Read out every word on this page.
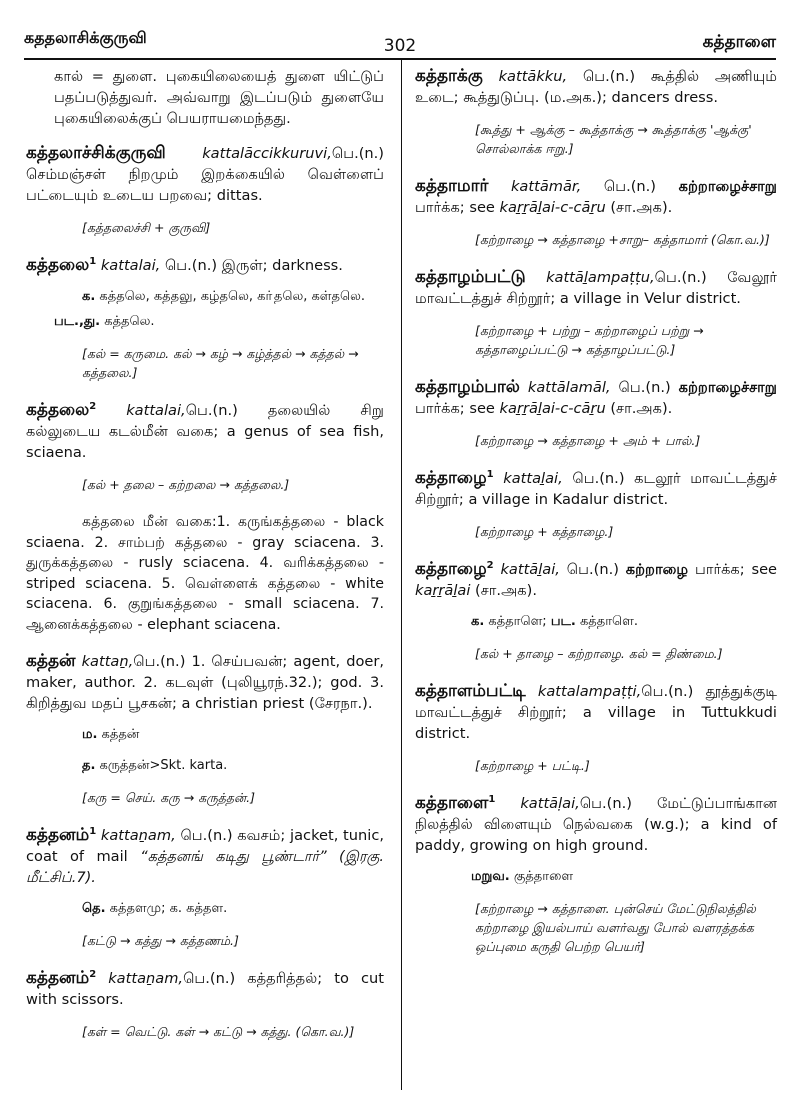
கததலாசிக்குருவி	302	கத்தாளை

கால் = துளை. புகையிலையைத் துளை யிட்டுப் பதப்படுத்துவர். அவ்வாறு இடப்படும் துளையே புகையிலைக்குப் பெயராயமைந்தது.

கத்தலாச்சிக்குருவி	kattalāccikkuruvi,பெ.(n.) செம்மஞ்சள் நிறமும் இறக்கையில் வெள்ளைப் பட்டையும் உடைய பறவை; dittas.
[கத்தலைச்சி + குருவி]
கத்தலை$^1$ kattalai, பெ.(n.) இருள்; darkness.
க. கத்தலெ, கத்தலு, கழ்தலெ, கா்தலெ, கள்தலெ.
பட.,து. கத்தலெ.
[கல் = கருமை. கல் → கழ் → கழ்த்தல் → கத்தல் → கத்தலை.]
கத்தலை$^2$ kattalai,பெ.(n.) தலையில் சிறு கல்லுடைய கடல்மீன் வகை; a genus of sea fish, sciaena.
[கல் + தலை – கற்றலை → கத்தலை.]
கத்தலை மீன் வகை:1. கருங்கத்தலை - black sciaena. 2. சாம்பற் கத்தலை - gray sciacena. 3. துருக்கத்தலை - rusly sciacena. 4. வரிக்கத்தலை - striped sciacena. 5. வெள்ளைக் கத்தலை - white sciacena. 6. குறுங்கத்தலை - small sciacena. 7. ஆனைக்கத்தலை - elephant sciacena.
கத்தன் kattaṉ,பெ.(n.) 1. செய்பவன்; agent, doer, maker, author. 2. கடவுள் (புலியூரந்.32.); god. 3. கிறித்துவ மதப் பூசகன்; a christian priest (சேரநா.).
ம. கத்தன்
த. கருத்தன்>Skt. karta.
[கரு = செய். கரு → கருத்தன்.]
கத்தனம்$^1$ kattaṉam, பெ.(n.) கவசம்; jacket, tunic, coat of mail “கத்தனங் கடிது பூண்டார்” (இரகு. மீட்சிப்.7).
தெ. கத்தளமு; க. கத்தள.
[கட்டு → கத்து → கத்தணம்.]
கத்தனம்$^2$ kattaṉam,பெ.(n.) கத்தரித்தல்; to cut with scissors.
[கள் = வெட்டு. கள் → கட்டு → கத்து. (கொ.வ.)]
கத்தாக்கு kattākku, பெ.(n.) கூத்தில் அணியும் உடை; கூத்துடுப்பு. (ம.அக.); dancers dress.
[கூத்து + ஆக்கு – கூத்தாக்கு → கூத்தாக்கு 'ஆக்கு' சொல்லாக்க ஈறு.]
கத்தாமார் kattāmār, பெ.(n.) கற்றாழைச்சாறு பார்க்க; see kaṟṟāḻai-c-cāṟu (சா.அக).
[கற்றாழை → கத்தாழை +சாறு– கத்தாமார் (கொ.வ.)]
கத்தாழம்பட்டு kattāḻampaṭṭu,பெ.(n.) வேலூர் மாவட்டத்துச் சிற்றூர்; a village in Velur district.
[கற்றாழை + பற்று – கற்றாழைப் பற்று → கத்தாழைப்பட்டு → கத்தாழப்பட்டு.]
கத்தாழம்பால் kattālamāl, பெ.(n.) கற்றாழைச்சாறு பார்க்க; see kaṟṟāḻai-c-cāṟu (சா.அக).
[கற்றாழை → கத்தாழை + அம் + பால்.]
கத்தாழை$^1$ kattaḻai, பெ.(n.) கடலூர் மாவட்டத்துச் சிற்றூர்; a village in Kadalur district.
[கற்றாழை + கத்தாழை.]
கத்தாழை$^2$ kattāḻai, பெ.(n.) கற்றாழை பார்க்க; see kaṟṟāḻai (சா.அக).
க. கத்தாளெ; பட. கத்தாளெ.
[கல் + தாழை – கற்றாழை. கல் = திண்மை.]
கத்தாளம்பட்டி kattalampaṭṭi,பெ.(n.) தூத்துக்குடி மாவட்டத்துச் சிற்றூர்; a village in Tuttukkudi district.
[கற்றாழை + பட்டி.]
கத்தாளை$^1$ kattāḷai,பெ.(n.) மேட்டுப்பாங்கான நிலத்தில் விளையும் நெல்வகை (w.g.); a kind of paddy, growing on high ground.
மறுவ. குத்தாளை
[கற்றாழை → கத்தாளை. புன்செய் மேட்டுநிலத்தில் கற்றாழை இயல்பாய் வளர்வது போல் வளரத்தக்க ஒப்புமை கருதி பெற்ற பெயர்]
